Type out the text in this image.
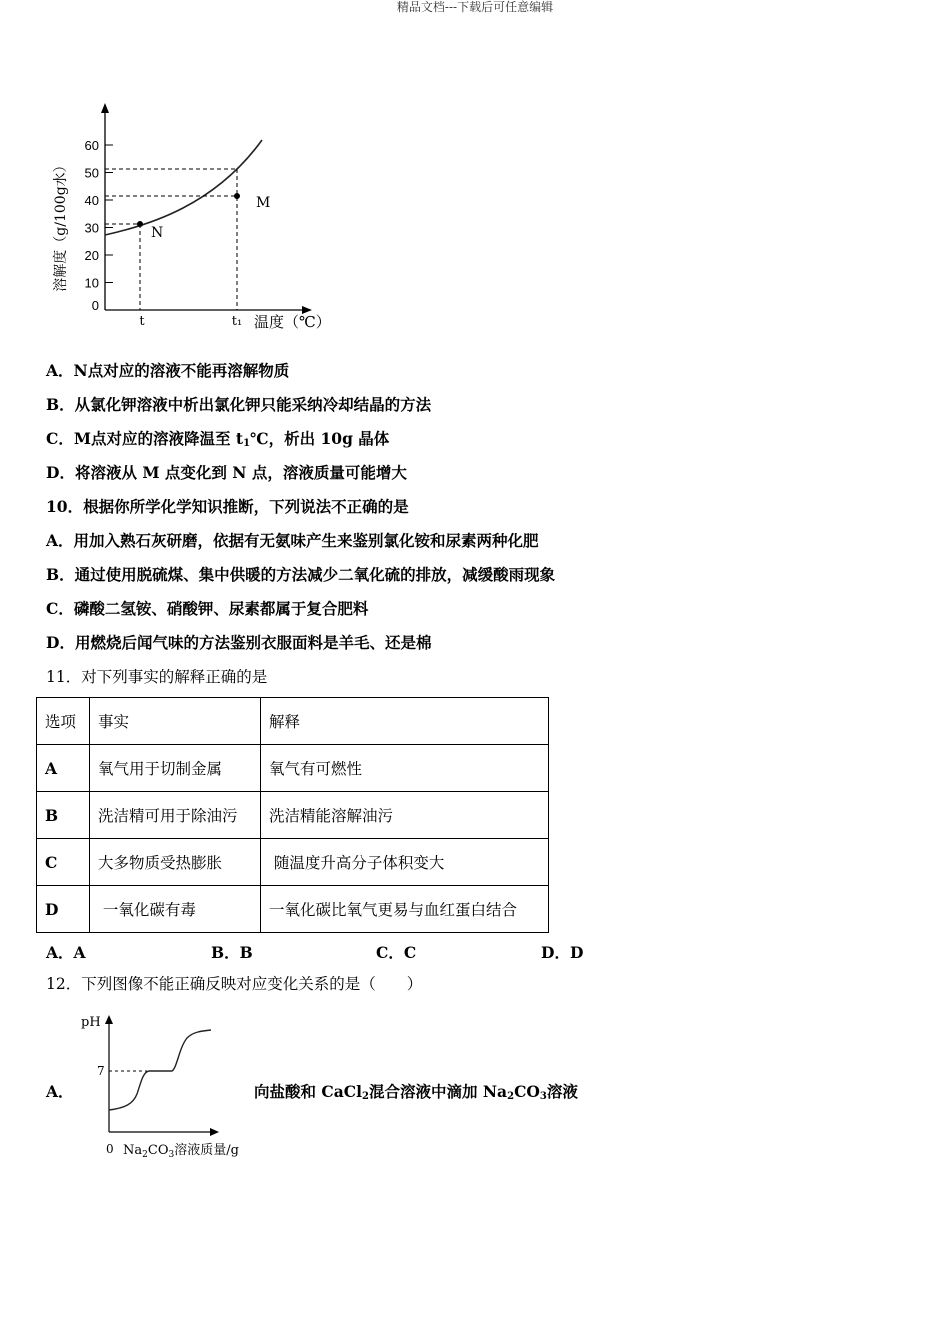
精品文档---下载后可任意编辑
0
10
20
30
40
50
60
溶解度（g/100g水）	N
M
t	t₁ 温度（℃）
A．N点对应的溶液不能再溶解物质
B．从氯化钾溶液中析出氯化钾只能采纳冷却结晶的方法
C．M点对应的溶液降温至 $t_1℃$，析出 10g 晶体
D．将溶液从 M 点变化到 N 点，溶液质量可能增大
10．根据你所学化学知识推断，下列说法不正确的是
A．用加入熟石灰研磨，依据有无氨味产生来鉴别氯化铵和尿素两种化肥
B．通过使用脱硫煤、集中供暖的方法减少二氧化硫的排放，减缓酸雨现象
C．磷酸二氢铵、硝酸钾、尿素都属于复合肥料
D．用燃烧后闻气味的方法鉴别衣服面料是羊毛、还是棉
11．对下列事实的解释正确的是
选项	事实	解释
A	氧气用于切制金属	氧气有可燃性
B	洗洁精可用于除油污	洗洁精能溶解油污
C	大多物质受热膨胀	随温度升高分子体积变大
D	一氧化碳有毒	一氧化碳比氧气更易与血红蛋白结合
A．A	B．B	C．C	D．D
12．下列图像不能正确反映对应变化关系的是（　　）
A．
pH
7
0 $Na_2CO_3$溶液质量/g
向盐酸和 CaCl$_2$混合溶液中滴加 $Na_2CO_3$溶液
